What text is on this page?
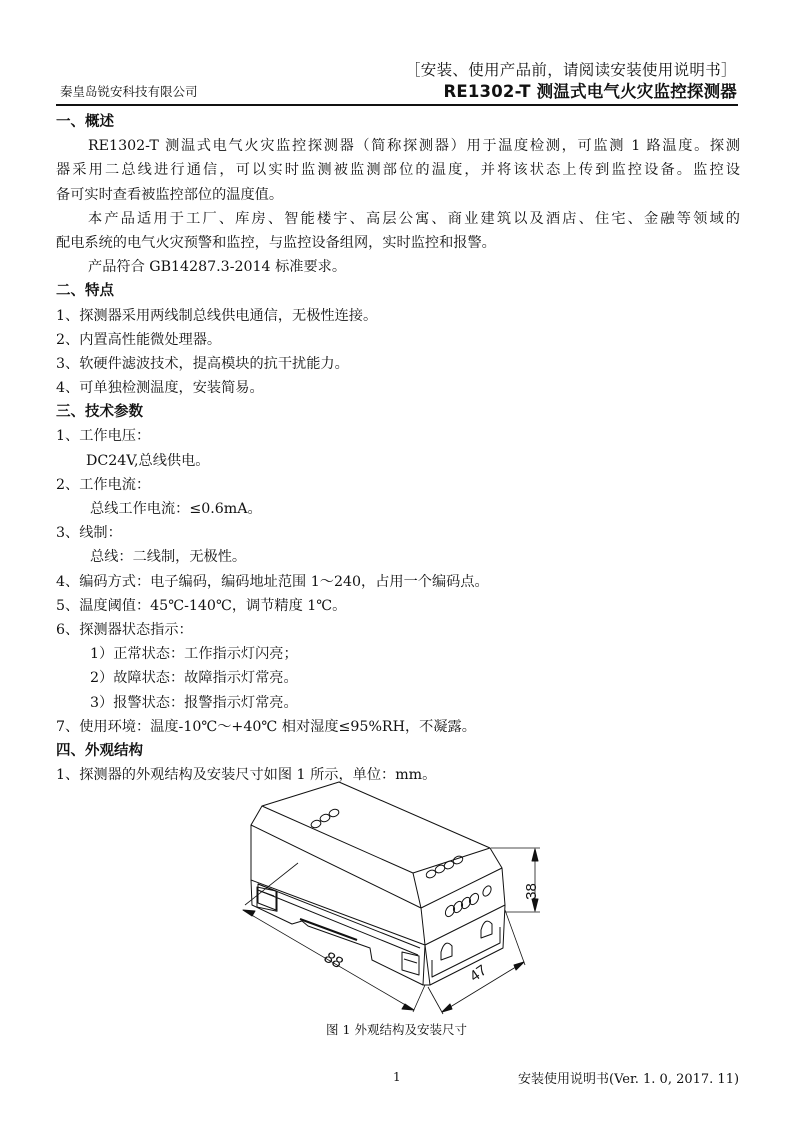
［安装、使用产品前，请阅读安装使用说明书］
秦皇岛锐安科技有限公司	RE1302-T 测温式电气火灾监控探测器
一、概述
RE1302-T 测温式电气火灾监控探测器（简称探测器）用于温度检测，可监测 1 路温度。探测
器采用二总线进行通信，可以实时监测被监测部位的温度，并将该状态上传到监控设备。监控设
备可实时查看被监控部位的温度值。
本产品适用于工厂、库房、智能楼宇、高层公寓、商业建筑以及酒店、住宅、金融等领域的
配电系统的电气火灾预警和监控，与监控设备组网，实时监控和报警。
产品符合 GB14287.3-2014 标准要求。
二、特点
1、探测器采用两线制总线供电通信，无极性连接。
2、内置高性能微处理器。
3、软硬件滤波技术，提高模块的抗干扰能力。
4、可单独检测温度，安装简易。
三、技术参数
1、工作电压：
DC24V,总线供电。
2、工作电流：
总线工作电流：≤0.6mA。
3、线制：
总线：二线制，无极性。
4、编码方式：电子编码，编码地址范围 1～240，占用一个编码点。
5、温度阈值：45℃-140℃，调节精度 1℃。
6、探测器状态指示：
1）正常状态：工作指示灯闪亮；
2）故障状态：故障指示灯常亮。
3）报警状态：报警指示灯常亮。
7、使用环境：温度-10℃～+40℃ 相对湿度≤95%RH，不凝露。
四、外观结构
1、探测器的外观结构及安装尺寸如图 1 所示，单位：mm。
88
47
38
图 1 外观结构及安装尺寸
1	安装使用说明书(Ver. 1. 0, 2017. 11)
